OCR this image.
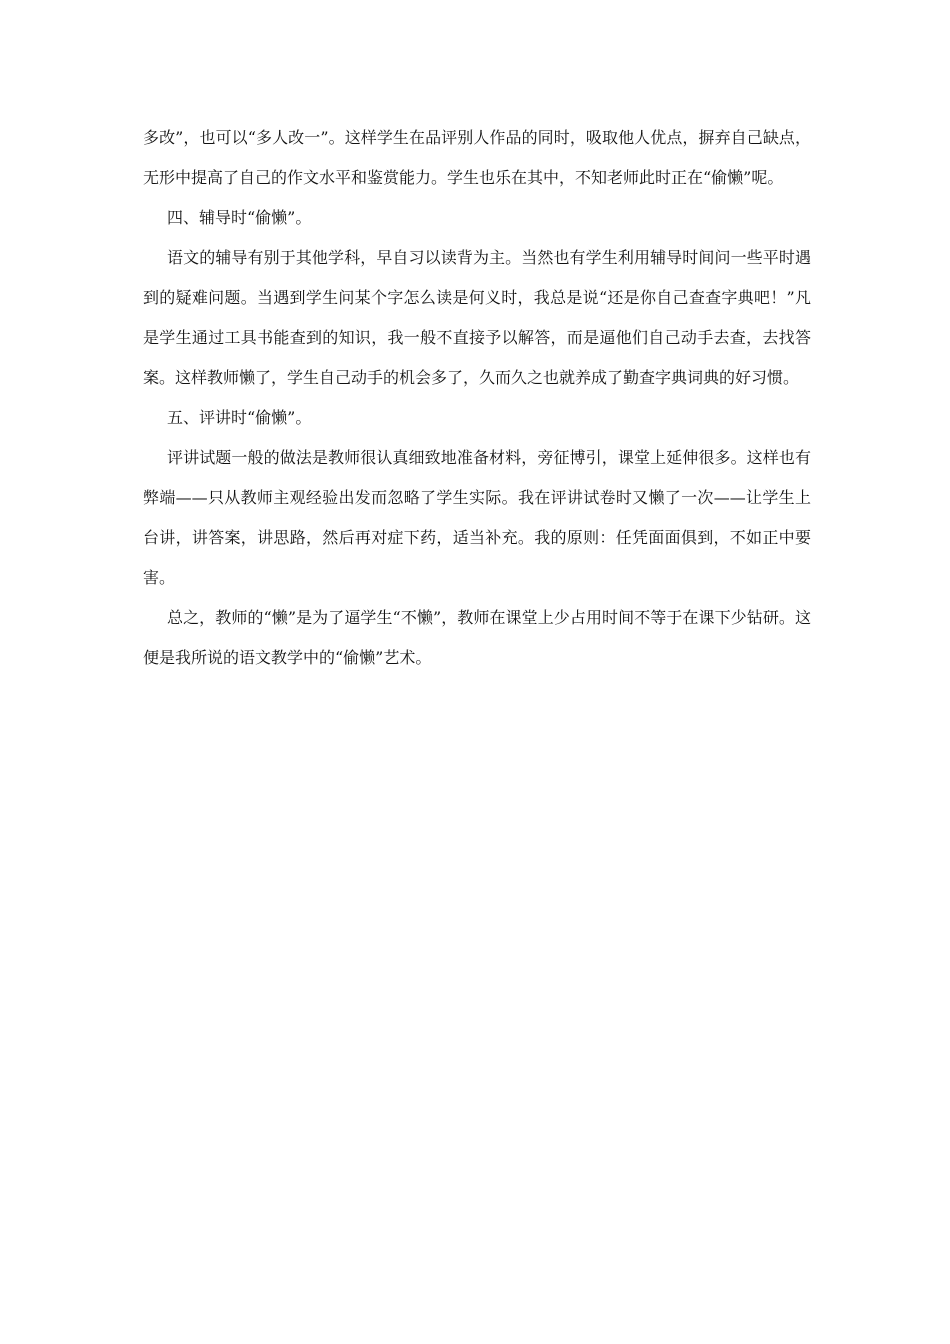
多改”，也可以“多人改一”。这样学生在品评别人作品的同时，吸取他人优点，摒弃自己缺点，无形中提高了自己的作文水平和鉴赏能力。学生也乐在其中，不知老师此时正在“偷懒”呢。

四、辅导时“偷懒”。

语文的辅导有别于其他学科，早自习以读背为主。当然也有学生利用辅导时间问一些平时遇到的疑难问题。当遇到学生问某个字怎么读是何义时，我总是说“还是你自己查查字典吧！”凡是学生通过工具书能查到的知识，我一般不直接予以解答，而是逼他们自己动手去查，去找答案。这样教师懒了，学生自己动手的机会多了，久而久之也就养成了勤查字典词典的好习惯。

五、评讲时“偷懒”。

评讲试题一般的做法是教师很认真细致地准备材料，旁征博引，课堂上延伸很多。这样也有弊端——只从教师主观经验出发而忽略了学生实际。我在评讲试卷时又懒了一次——让学生上台讲，讲答案，讲思路，然后再对症下药，适当补充。我的原则：任凭面面俱到，不如正中要害。

总之，教师的“懒”是为了逼学生“不懒”，教师在课堂上少占用时间不等于在课下少钻研。这便是我所说的语文教学中的“偷懒”艺术。
